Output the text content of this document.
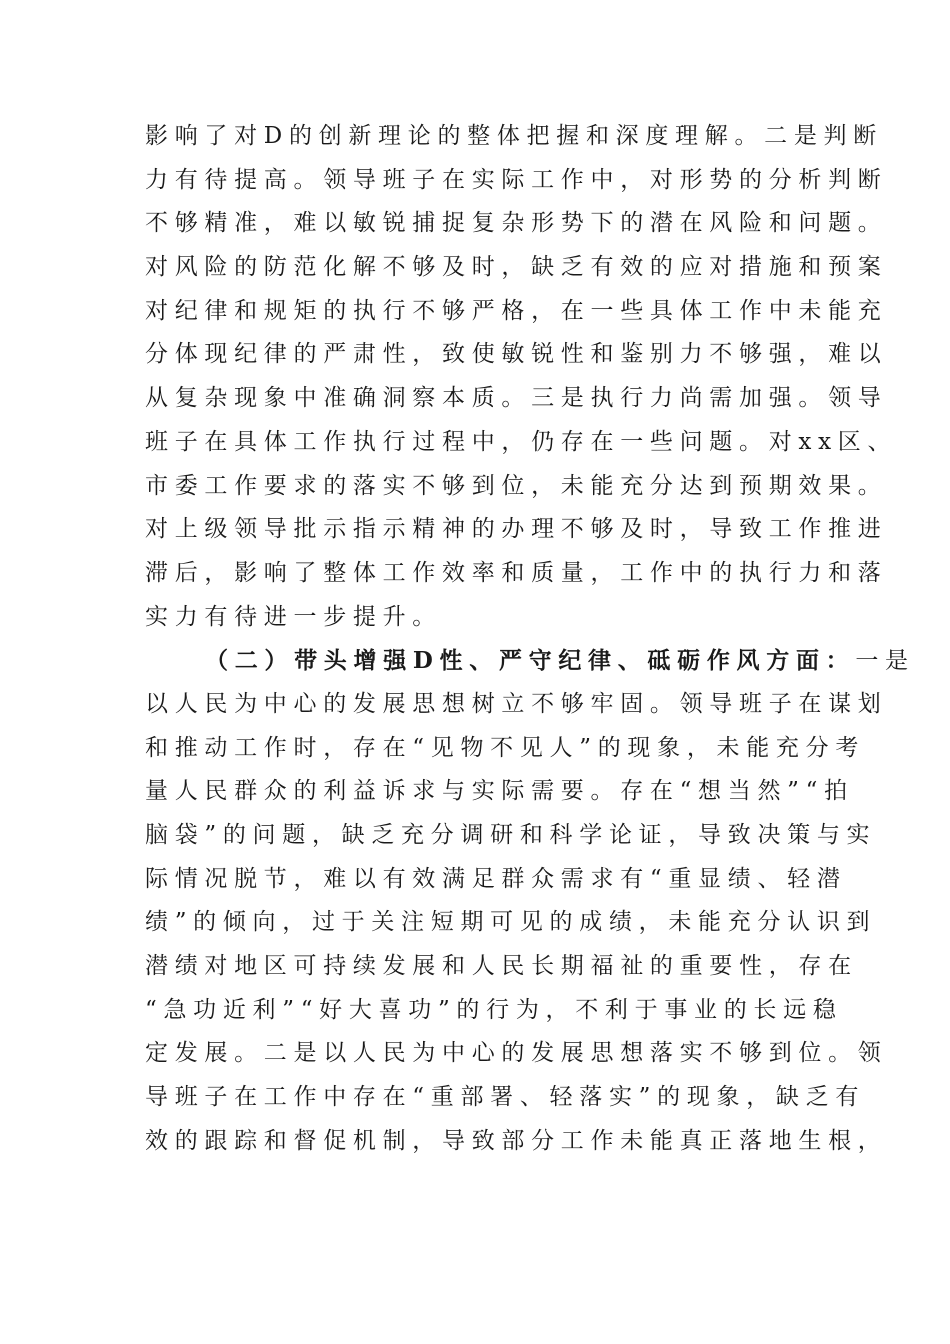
影响了对D的创新理论的整体把握和深度理解。二是判断
力有待提高。领导班子在实际工作中，对形势的分析判断
不够精准，难以敏锐捕捉复杂形势下的潜在风险和问题。
对风险的防范化解不够及时，缺乏有效的应对措施和预案
对纪律和规矩的执行不够严格，在一些具体工作中未能充
分体现纪律的严肃性，致使敏锐性和鉴别力不够强，难以
从复杂现象中准确洞察本质。三是执行力尚需加强。领导
班子在具体工作执行过程中，仍存在一些问题。对xx区、
市委工作要求的落实不够到位，未能充分达到预期效果。
对上级领导批示指示精神的办理不够及时，导致工作推进
滞后，影响了整体工作效率和质量，工作中的执行力和落
实力有待进一步提升。
（二）带头增强D性、严守纪律、砥砺作风方面：一是
以人民为中心的发展思想树立不够牢固。领导班子在谋划
和推动工作时，存在“见物不见人”的现象，未能充分考
量人民群众的利益诉求与实际需要。存在“想当然”“拍
脑袋”的问题，缺乏充分调研和科学论证，导致决策与实
际情况脱节，难以有效满足群众需求有“重显绩、轻潜
绩”的倾向，过于关注短期可见的成绩，未能充分认识到
潜绩对地区可持续发展和人民长期福祉的重要性，存在
“急功近利”“好大喜功”的行为，不利于事业的长远稳
定发展。二是以人民为中心的发展思想落实不够到位。领
导班子在工作中存在“重部署、轻落实”的现象，缺乏有
效的跟踪和督促机制，导致部分工作未能真正落地生根，
